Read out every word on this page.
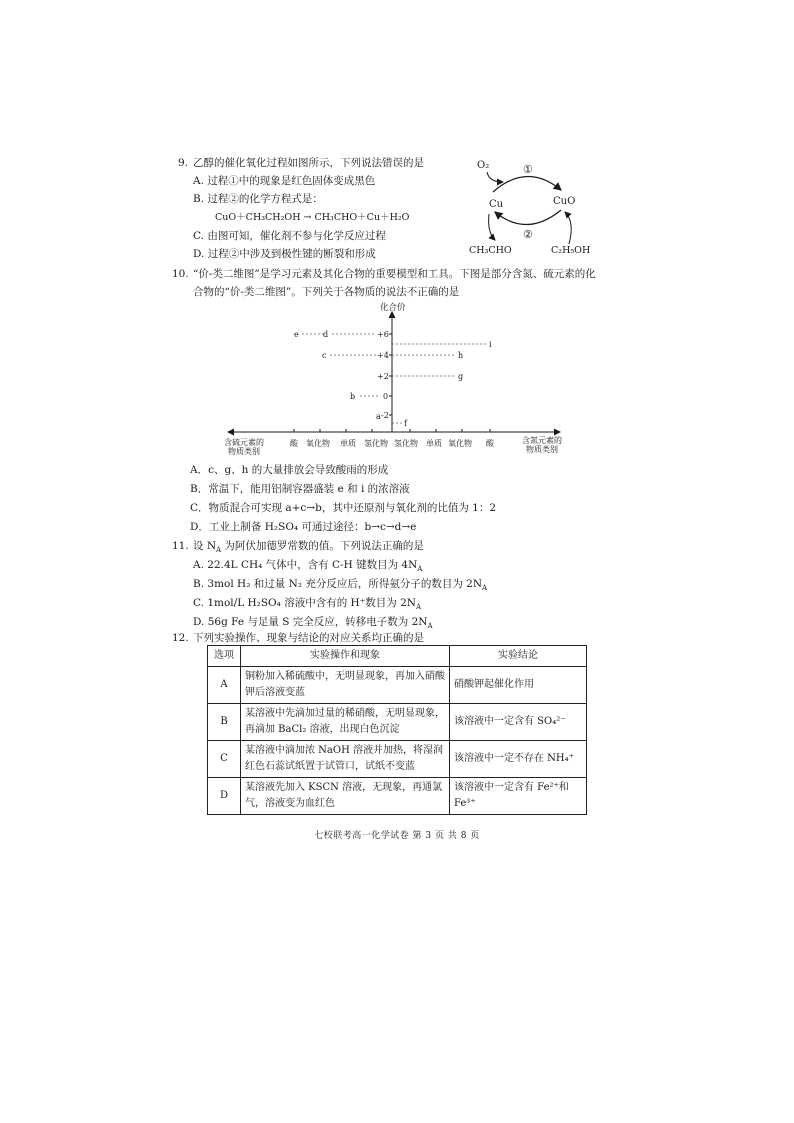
9. 乙醇的催化氧化过程如图所示，下列说法错误的是
A. 过程①中的现象是红色固体变成黑色
B. 过程②的化学方程式是：
CuO＋CH₃CH₂OH → CH₃CHO＋Cu＋H₂O
C. 由图可知，催化剂不参与化学反应过程
D. 过程②中涉及到极性键的断裂和形成
O₂	①
Cu	CuO
②
CH₃CHO	C₂H₅OH
10. “价-类二维图”是学习元素及其化合物的重要模型和工具。下图是部分含氮、硫元素的化
合物的“价-类二维图”。下列关于各物质的说法不正确的是
化合价
+6
+4
+2
0
-2
e	d
c
b
a
i
h
g
f
含硫元素的
物质类别
酸 氧化物 单质 氢化物 氢化物 单质 氧化物 酸	含氮元素的
物质类别
A．c、g、h 的大量排放会导致酸雨的形成
B．常温下，能用铝制容器盛装 e 和 i 的浓溶液
C．物质混合可实现 a+c→b，其中还原剂与氧化剂的比值为 1：2
D．工业上制备 H₂SO₄ 可通过途径：b→c→d→e
11. 设 $N_A$ 为阿伏加德罗常数的值。下列说法正确的是
A. 22.4L CH₄ 气体中，含有 C-H 键数目为 $4N_A$
B. 3mol H₂ 和过量 N₂ 充分反应后，所得氨分子的数目为 $2N_A$
C. 1mol/L H₂SO₄ 溶液中含有的 H⁺数目为 $2N_A$
D. 56g Fe 与足量 S 完全反应，转移电子数为 $2N_A$
12. 下列实验操作、现象与结论的对应关系均正确的是
选项	实验操作和现象	实验结论
A	铜粉加入稀硫酸中，无明显现象，再加入硝酸钾后溶液变蓝	硝酸钾起催化作用
B	某溶液中先滴加过量的稀硝酸，无明显现象，再滴加 BaCl₂ 溶液，出现白色沉淀	该溶液中一定含有 SO₄²⁻
C	某溶液中滴加浓 NaOH 溶液并加热，将湿润红色石蕊试纸置于试管口，试纸不变蓝	该溶液中一定不存在 NH₄⁺
D	某溶液先加入 KSCN 溶液，无现象，再通氯气，溶液变为血红色	该溶液中一定含有 Fe²⁺和 Fe³⁺
七校联考高一化学试卷 第 3 页 共 8 页
